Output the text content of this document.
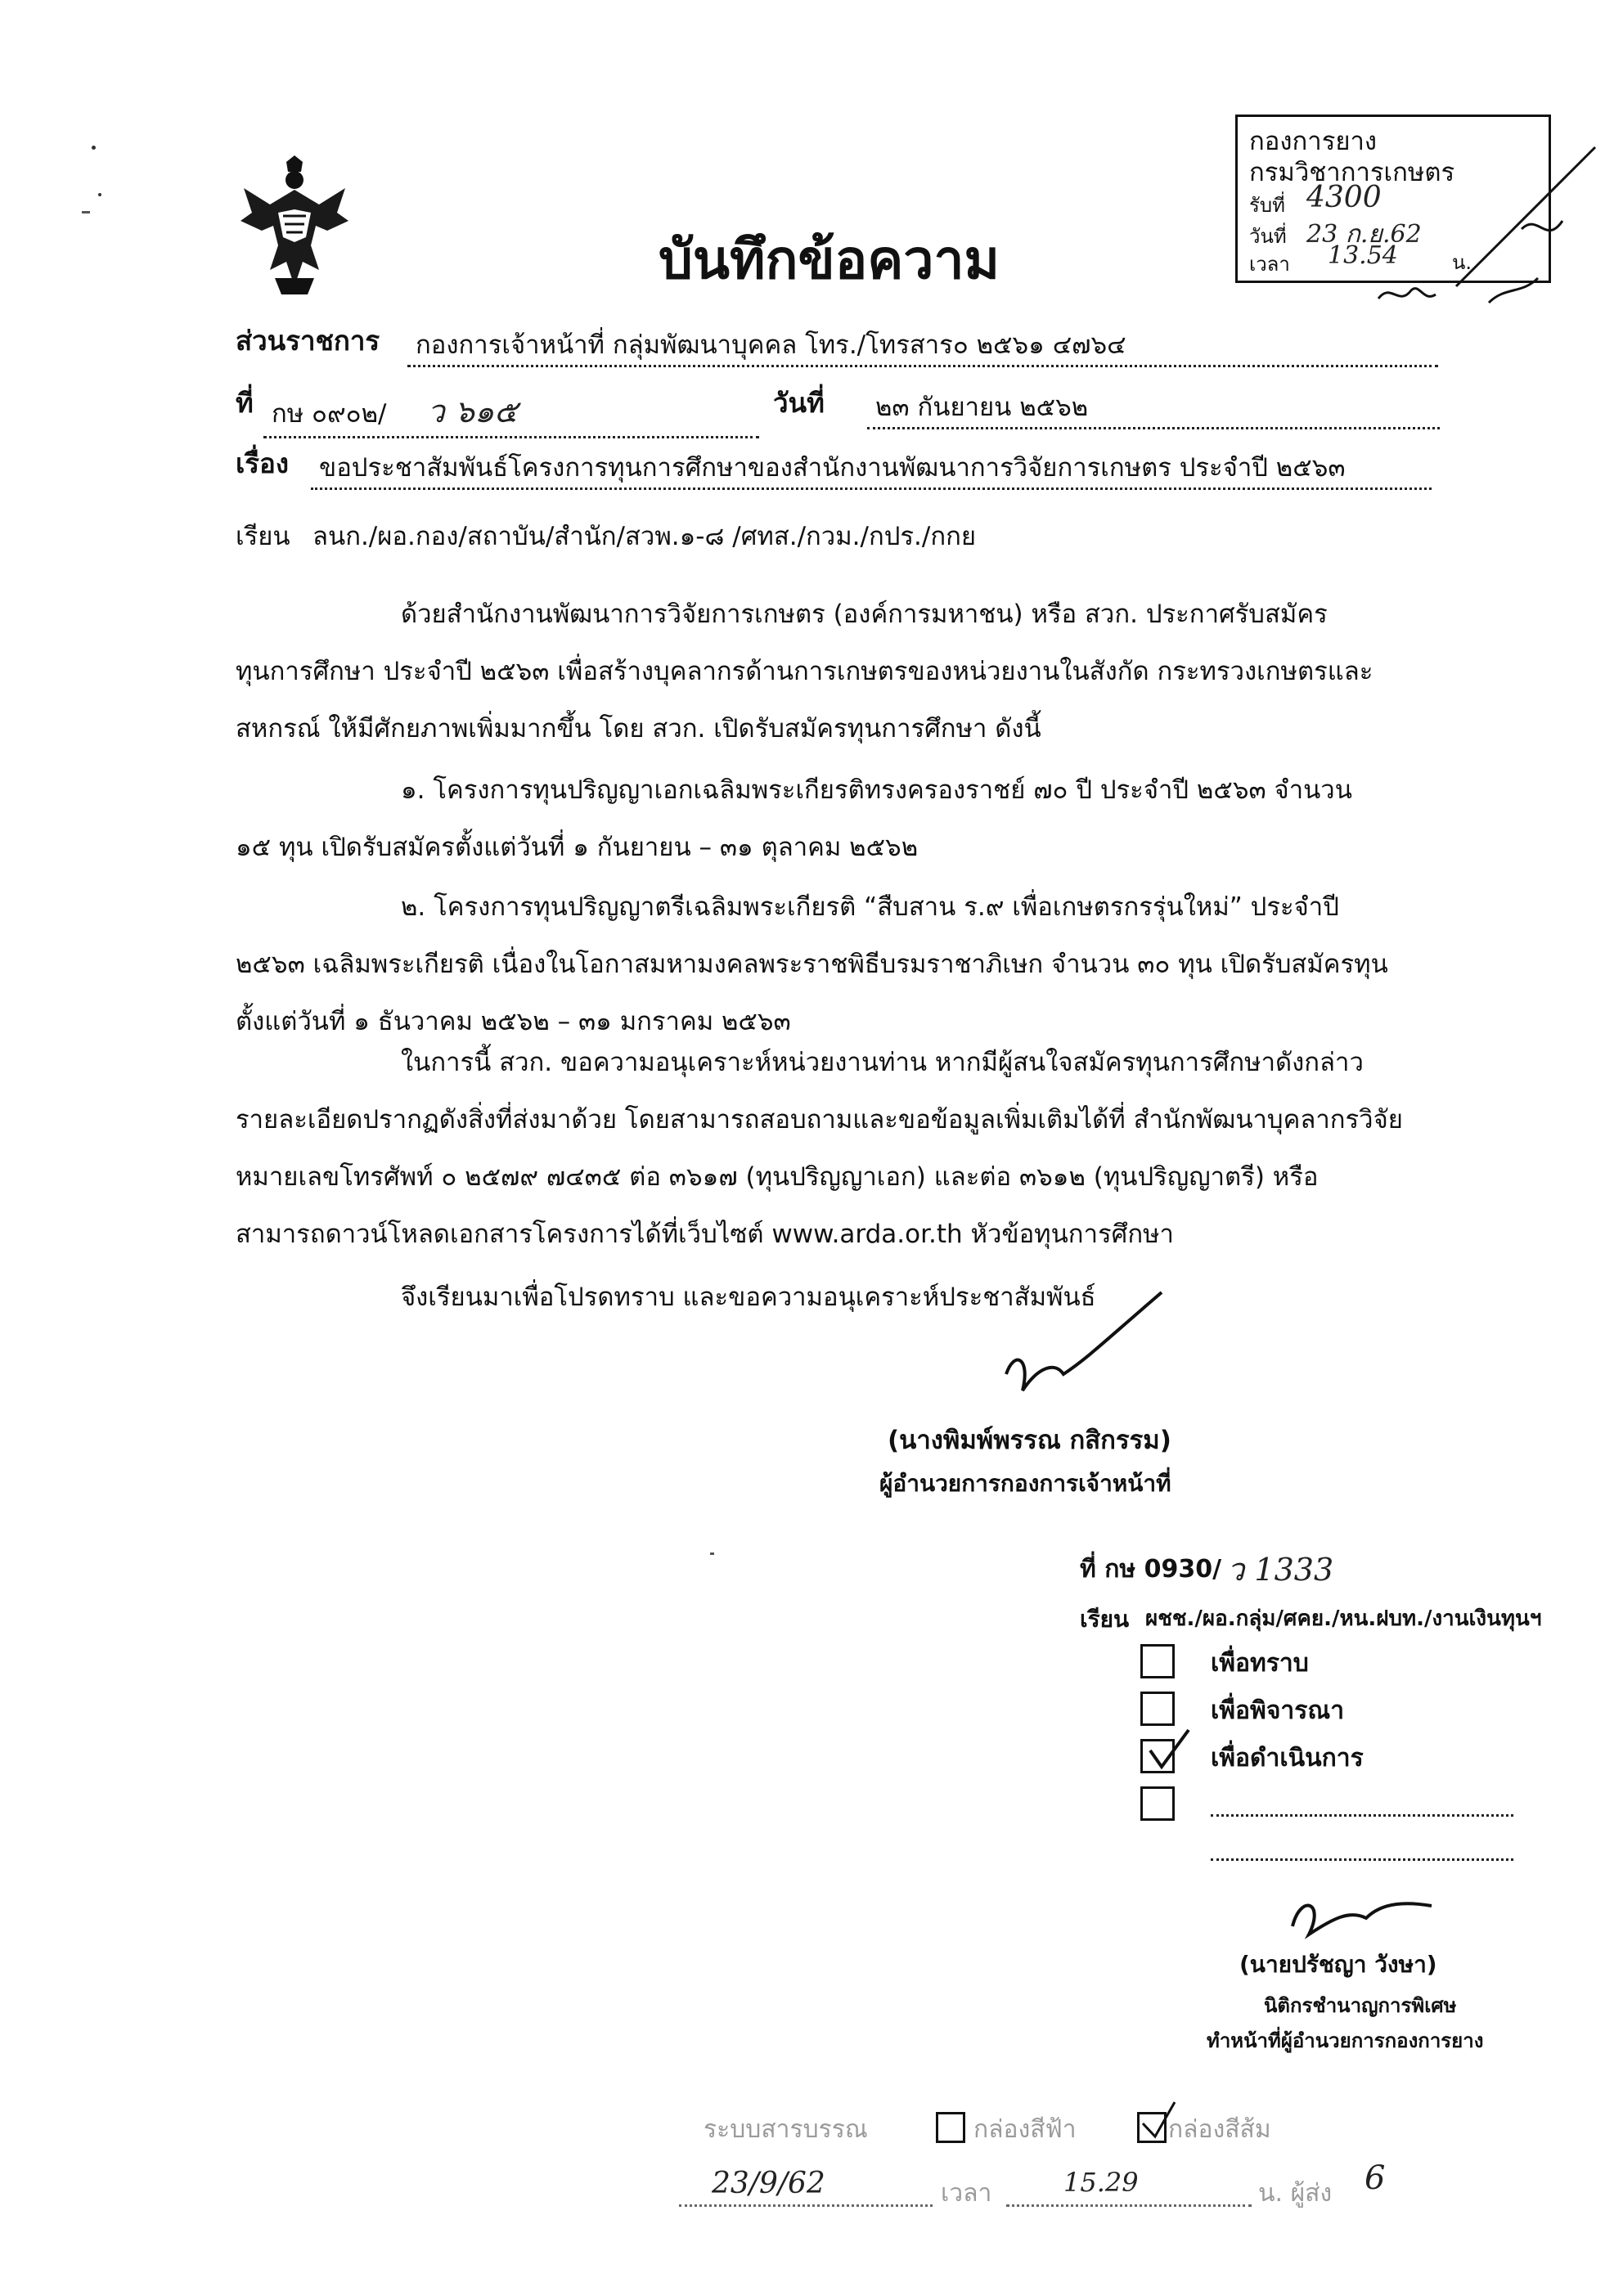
กองการยาง
กรมวิชาการเกษตร
รับที่ 4300
วันที่ 23 ก.ย.62
เวลา 13.54	น.
บันทึกข้อความ
ส่วนราชการ	กองการเจ้าหน้าที่ กลุ่มพัฒนาบุคคล โทร./โทรสาร๐ ๒๕๖๑ ๔๗๖๔
ที่ กษ ๐๙๐๒/ ว ๖๑๕	วันที่	๒๓ กันยายน ๒๕๖๒
เรื่อง	ขอประชาสัมพันธ์โครงการทุนการศึกษาของสำนักงานพัฒนาการวิจัยการเกษตร ประจำปี ๒๕๖๓
เรียน ลนก./ผอ.กอง/สถาบัน/สำนัก/สวพ.๑-๘ /ศทส./กวม./กปร./กกย
ด้วยสำนักงานพัฒนาการวิจัยการเกษตร (องค์การมหาชน) หรือ สวก. ประกาศรับสมัคร
ทุนการศึกษา ประจำปี ๒๕๖๓ เพื่อสร้างบุคลากรด้านการเกษตรของหน่วยงานในสังกัด กระทรวงเกษตรและ
สหกรณ์ ให้มีศักยภาพเพิ่มมากขึ้น โดย สวก. เปิดรับสมัครทุนการศึกษา ดังนี้
๑. โครงการทุนปริญญาเอกเฉลิมพระเกียรติทรงครองราชย์ ๗๐ ปี ประจำปี ๒๕๖๓ จำนวน
๑๕ ทุน เปิดรับสมัครตั้งแต่วันที่ ๑ กันยายน – ๓๑ ตุลาคม ๒๕๖๒
๒. โครงการทุนปริญญาตรีเฉลิมพระเกียรติ “สืบสาน ร.๙ เพื่อเกษตรกรรุ่นใหม่” ประจำปี
๒๕๖๓ เฉลิมพระเกียรติ เนื่องในโอกาสมหามงคลพระราชพิธีบรมราชาภิเษก จำนวน ๓๐ ทุน เปิดรับสมัครทุน
ตั้งแต่วันที่ ๑ ธันวาคม ๒๕๖๒ – ๓๑ มกราคม ๒๕๖๓
ในการนี้ สวก. ขอความอนุเคราะห์หน่วยงานท่าน หากมีผู้สนใจสมัครทุนการศึกษาดังกล่าว
รายละเอียดปรากฏดังสิ่งที่ส่งมาด้วย โดยสามารถสอบถามและขอข้อมูลเพิ่มเติมได้ที่ สำนักพัฒนาบุคลากรวิจัย
หมายเลขโทรศัพท์ ๐ ๒๕๗๙ ๗๔๓๕ ต่อ ๓๖๑๗ (ทุนปริญญาเอก) และต่อ ๓๖๑๒ (ทุนปริญญาตรี) หรือ
สามารถดาวน์โหลดเอกสารโครงการได้ที่เว็บไซต์ www.arda.or.th หัวข้อทุนการศึกษา
จึงเรียนมาเพื่อโปรดทราบ และขอความอนุเคราะห์ประชาสัมพันธ์
(นางพิมพ์พรรณ กสิกรรม)
ผู้อำนวยการกองการเจ้าหน้าที่
ที่ กษ 0930/ ว 1333
เรียน ผชช./ผอ.กลุ่ม/ศคย./หน.ฝบท./งานเงินทุนฯ
เพื่อทราบ
เพื่อพิจารณา
เพื่อดำเนินการ
(นายปรัชญา วังษา)
นิติกรชำนาญการพิเศษ
ทำหน้าที่ผู้อำนวยการกองการยาง
ระบบสารบรรณ	กล่องสีฟ้า	กล่องสีส้ม
23/9/62	เวลา	15.29	น. ผู้ส่ง 6
